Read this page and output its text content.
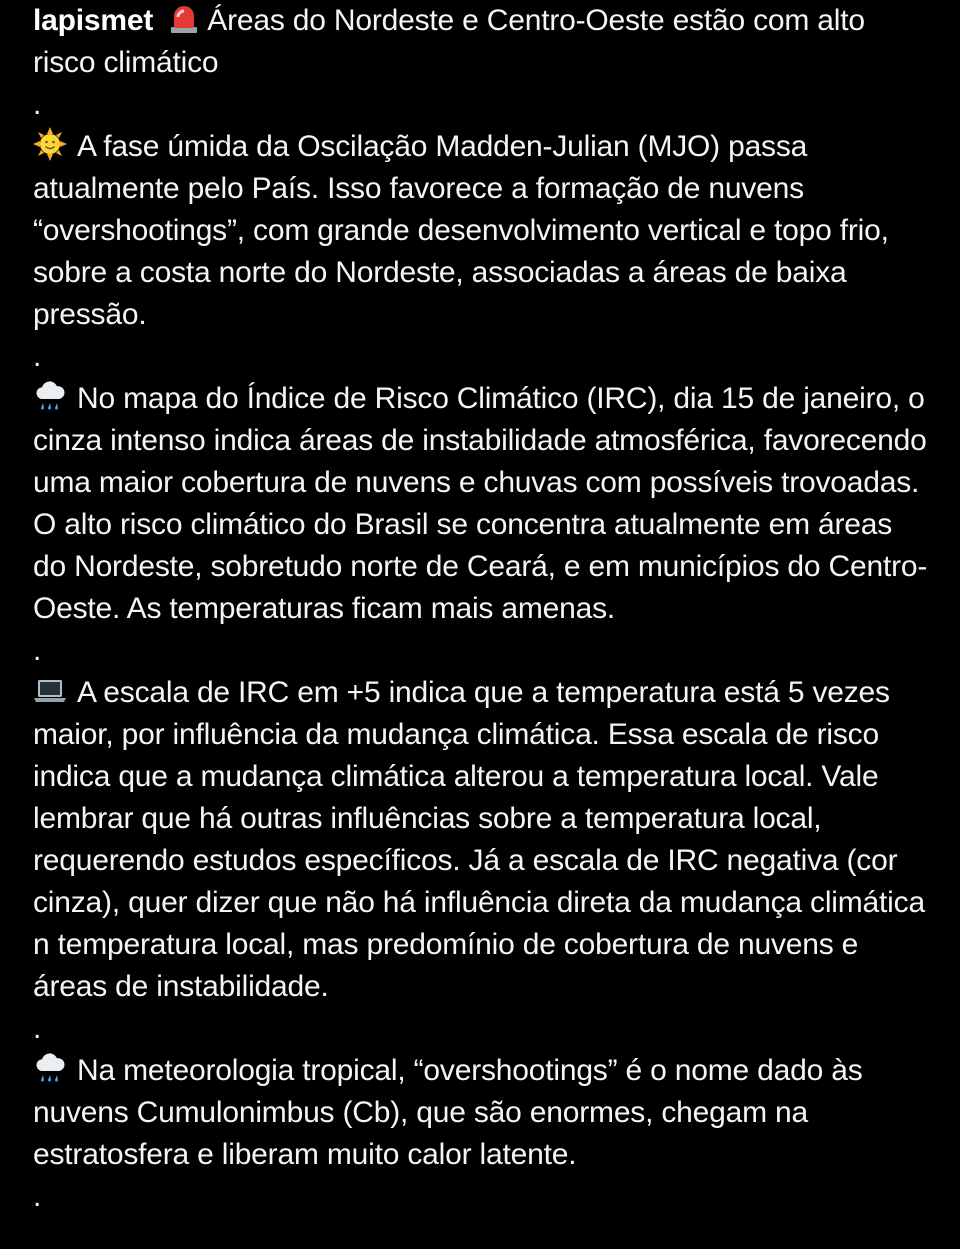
lapismet Áreas do Nordeste e Centro-Oeste estão com alto risco climático

.

A fase úmida da Oscilação Madden-Julian (MJO) passa atualmente pelo País. Isso favorece a formação de nuvens “overshootings”, com grande desenvolvimento vertical e topo frio, sobre a costa norte do Nordeste, associadas a áreas de baixa pressão.

.

No mapa do Índice de Risco Climático (IRC), dia 15 de janeiro, o cinza intenso indica áreas de instabilidade atmosférica, favorecendo uma maior cobertura de nuvens e chuvas com possíveis trovoadas. O alto risco climático do Brasil se concentra atualmente em áreas do Nordeste, sobretudo norte de Ceará, e em municípios do Centro-Oeste. As temperaturas ficam mais amenas.

.

A escala de IRC em +5 indica que a temperatura está 5 vezes maior, por influência da mudança climática. Essa escala de risco indica que a mudança climática alterou a temperatura local. Vale lembrar que há outras influências sobre a temperatura local, requerendo estudos específicos. Já a escala de IRC negativa (cor cinza), quer dizer que não há influência direta da mudança climática n temperatura local, mas predomínio de cobertura de nuvens e áreas de instabilidade.

.

Na meteorologia tropical, “overshootings” é o nome dado às nuvens Cumulonimbus (Cb), que são enormes, chegam na estratosfera e liberam muito calor latente.

.
